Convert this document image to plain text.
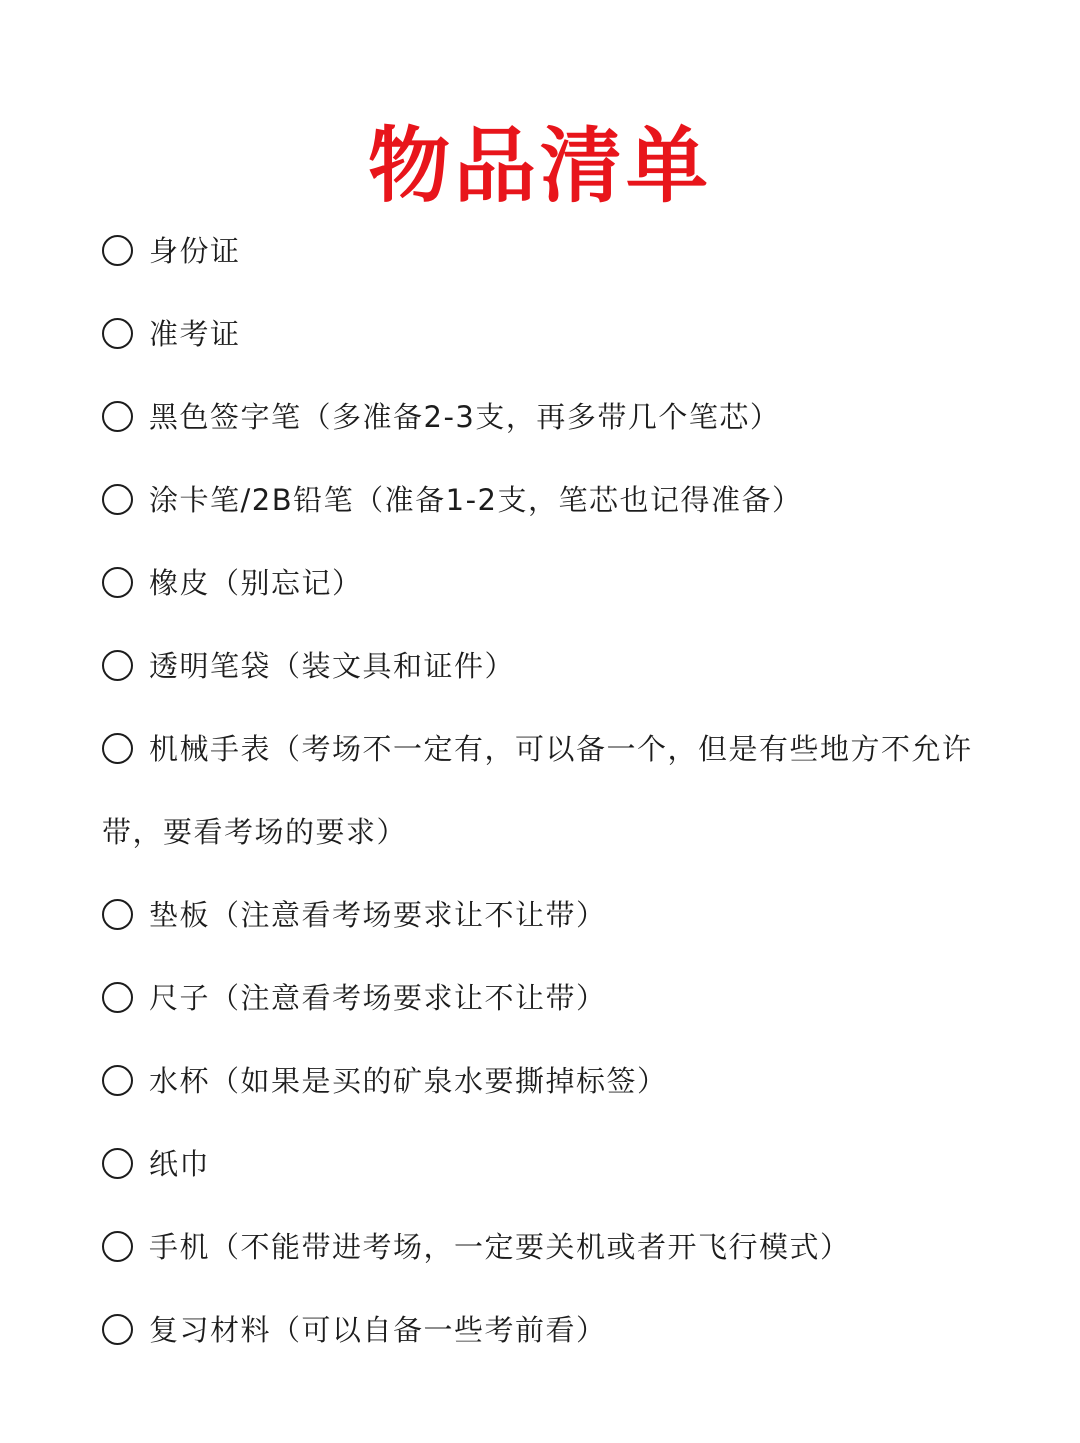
物品清单
身份证
准考证
黑色签字笔（多准备2-3支，再多带几个笔芯）
涂卡笔/2B铅笔（准备1-2支，笔芯也记得准备）
橡皮（别忘记）
透明笔袋（装文具和证件）
机械手表（考场不一定有，可以备一个，但是有些地方不允许带，要看考场的要求）
垫板（注意看考场要求让不让带）
尺子（注意看考场要求让不让带）
水杯（如果是买的矿泉水要撕掉标签）
纸巾
手机（不能带进考场，一定要关机或者开飞行模式）
复习材料（可以自备一些考前看）
